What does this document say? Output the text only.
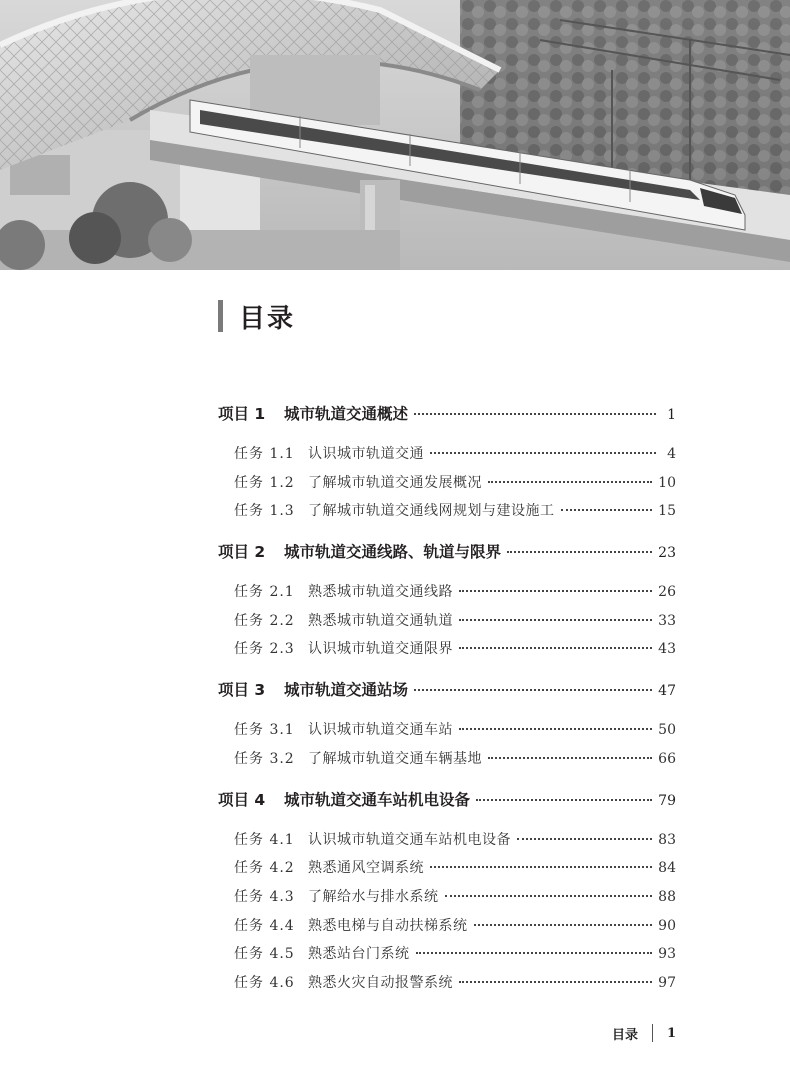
目录
项目 1	城市轨道交通概述	1
任务 1.1 认识城市轨道交通	4
任务 1.2 了解城市轨道交通发展概况	10
任务 1.3 了解城市轨道交通线网规划与建设施工	15
项目 2	城市轨道交通线路、轨道与限界	23
任务 2.1 熟悉城市轨道交通线路	26
任务 2.2 熟悉城市轨道交通轨道	33
任务 2.3 认识城市轨道交通限界	43
项目 3	城市轨道交通站场	47
任务 3.1 认识城市轨道交通车站	50
任务 3.2 了解城市轨道交通车辆基地	66
项目 4	城市轨道交通车站机电设备	79
任务 4.1 认识城市轨道交通车站机电设备	83
任务 4.2 熟悉通风空调系统	84
任务 4.3 了解给水与排水系统	88
任务 4.4 熟悉电梯与自动扶梯系统	90
任务 4.5 熟悉站台门系统	93
任务 4.6 熟悉火灾自动报警系统	97
目录 1
